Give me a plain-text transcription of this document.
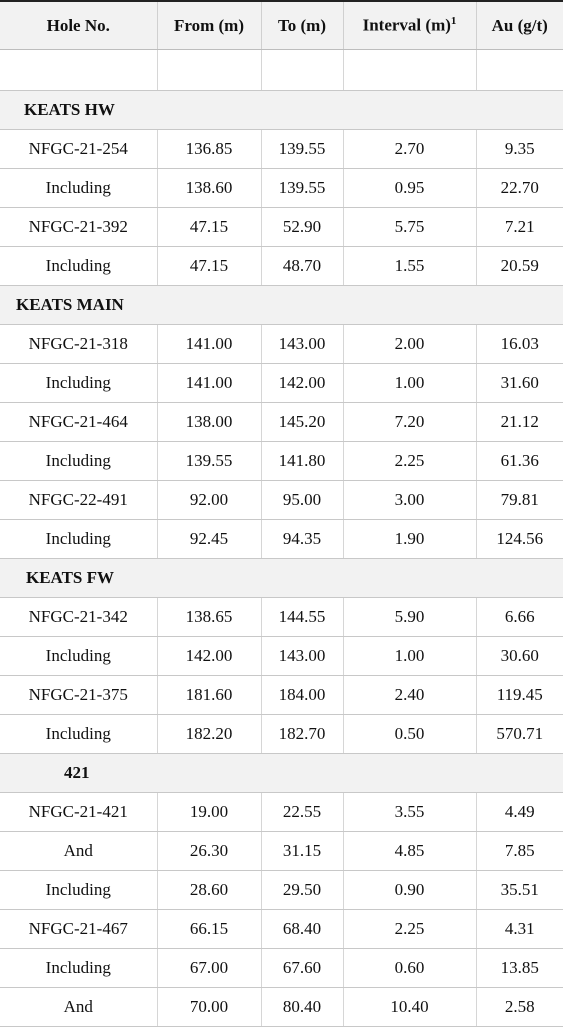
Hole No.	From (m)	To (m)	Interval $(m)^1$	Au (g/t)

KEATS HW				
NFGC-21-254	136.85	139.55	2.70	9.35
Including	138.60	139.55	0.95	22.70
NFGC-21-392	47.15	52.90	5.75	7.21
Including	47.15	48.70	1.55	20.59
KEATS MAIN				
NFGC-21-318	141.00	143.00	2.00	16.03
Including	141.00	142.00	1.00	31.60
NFGC-21-464	138.00	145.20	7.20	21.12
Including	139.55	141.80	2.25	61.36
NFGC-22-491	92.00	95.00	3.00	79.81
Including	92.45	94.35	1.90	124.56
KEATS FW				
NFGC-21-342	138.65	144.55	5.90	6.66
Including	142.00	143.00	1.00	30.60
NFGC-21-375	181.60	184.00	2.40	119.45
Including	182.20	182.70	0.50	570.71
421				
NFGC-21-421	19.00	22.55	3.55	4.49
And	26.30	31.15	4.85	7.85
Including	28.60	29.50	0.90	35.51
NFGC-21-467	66.15	68.40	2.25	4.31
Including	67.00	67.60	0.60	13.85
And	70.00	80.40	10.40	2.58
